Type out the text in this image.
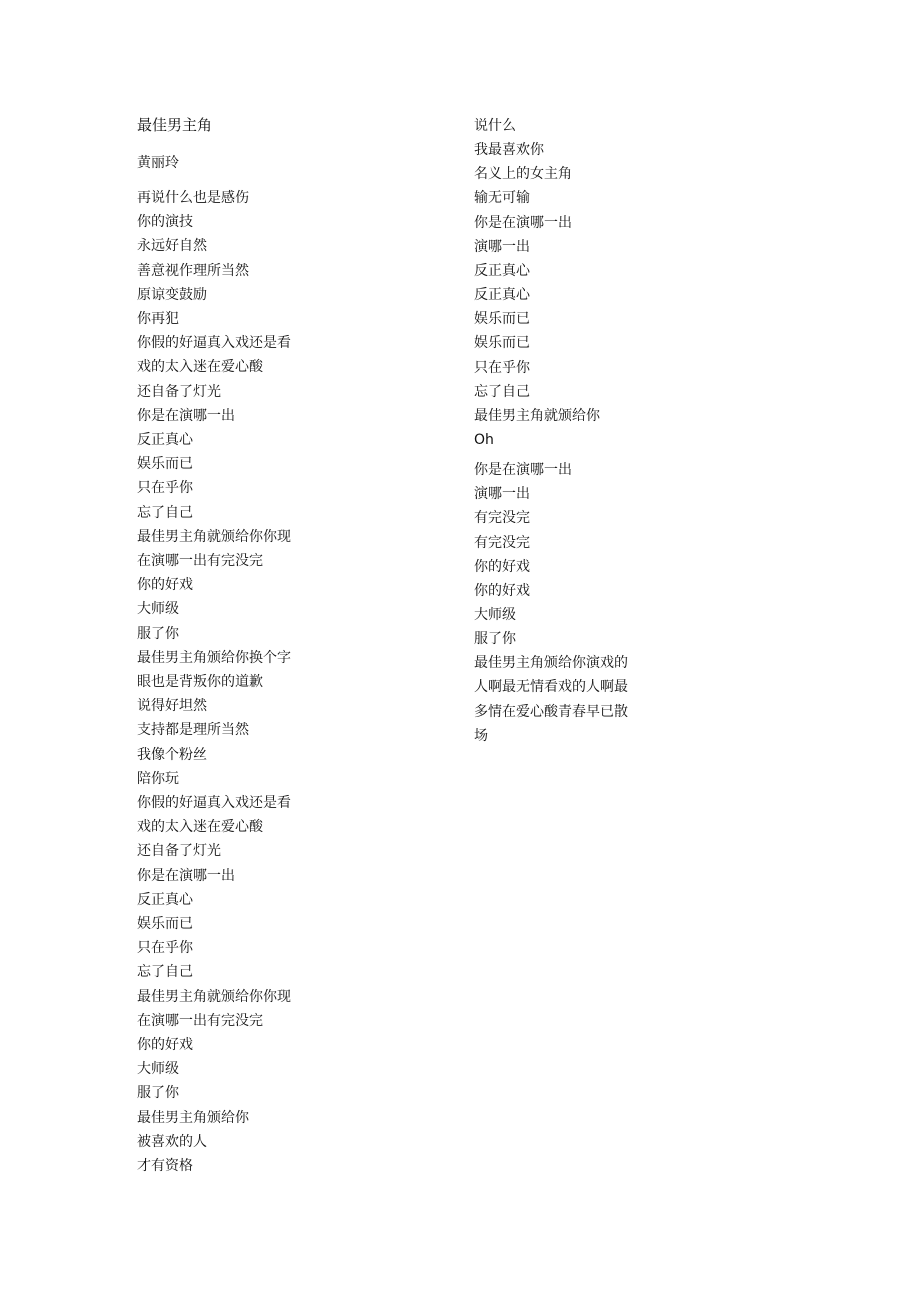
最佳男主角
黄丽玲
再说什么也是感伤
你的演技
永远好自然
善意视作理所当然
原谅变鼓励
你再犯
你假的好逼真入戏还是看
戏的太入迷在爱心酸
还自备了灯光
你是在演哪一出
反正真心
娱乐而已
只在乎你
忘了自己
最佳男主角就颁给你你现
在演哪一出有完没完
你的好戏
大师级
服了你
最佳男主角颁给你换个字
眼也是背叛你的道歉
说得好坦然
支持都是理所当然
我像个粉丝
陪你玩
你假的好逼真入戏还是看
戏的太入迷在爱心酸
还自备了灯光
你是在演哪一出
反正真心
娱乐而已
只在乎你
忘了自己
最佳男主角就颁给你你现
在演哪一出有完没完
你的好戏
大师级
服了你
最佳男主角颁给你
被喜欢的人
才有资格
说什么
我最喜欢你
名义上的女主角
输无可输
你是在演哪一出
演哪一出
反正真心
反正真心
娱乐而已
娱乐而已
只在乎你
忘了自己
最佳男主角就颁给你
Oh
你是在演哪一出
演哪一出
有完没完
有完没完
你的好戏
你的好戏
大师级
服了你
最佳男主角颁给你演戏的
人啊最无情看戏的人啊最
多情在爱心酸青春早已散
场
